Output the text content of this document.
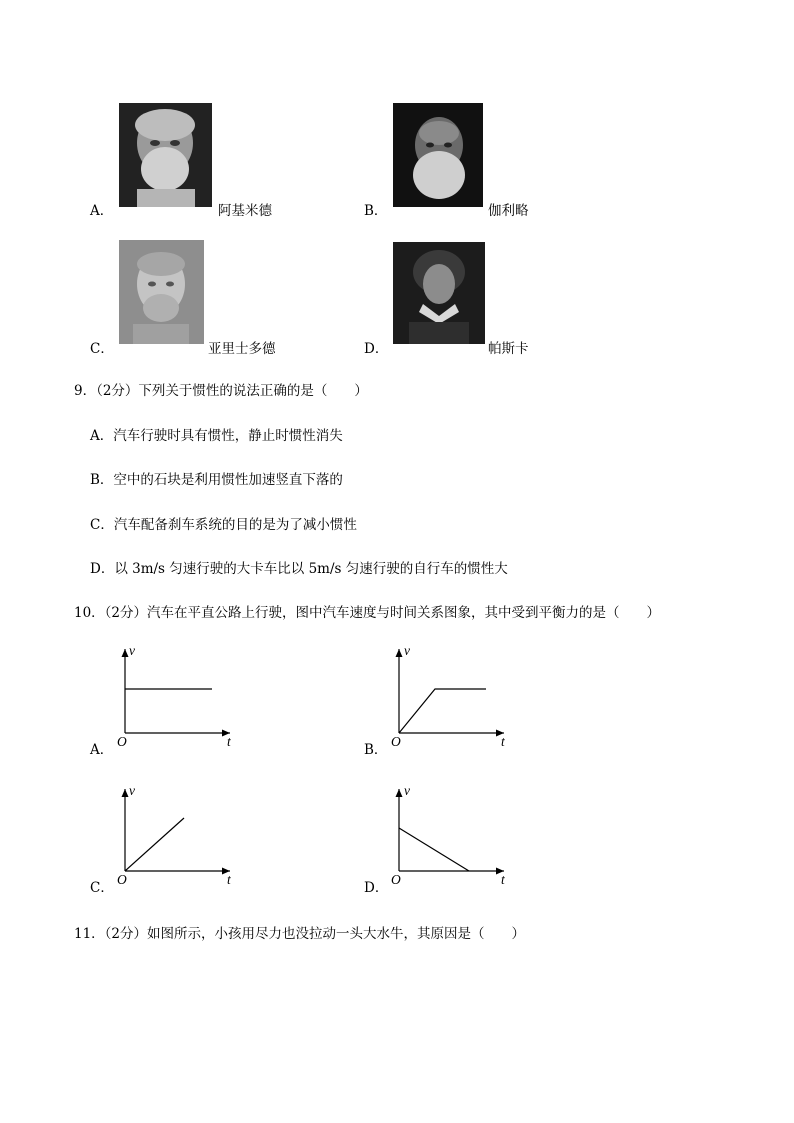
A．	阿基米德	B．	伽利略
C．	亚里士多德	D．	帕斯卡
9．（2分）下列关于惯性的说法正确的是（　　）
A．汽车行驶时具有惯性，静止时惯性消失
B．空中的石块是利用惯性加速竖直下落的
C．汽车配备刹车系统的目的是为了减小惯性
D．以 3m/s 匀速行驶的大卡车比以 5m/s 匀速行驶的自行车的惯性大
10．（2分）汽车在平直公路上行驶，图中汽车速度与时间关系图象，其中受到平衡力的是（　　）
A．
v
O	t
B．
v
O	t
C．
v
O	t
D．
v
O	t
11．（2分）如图所示，小孩用尽力也没拉动一头大水牛，其原因是（　　）
